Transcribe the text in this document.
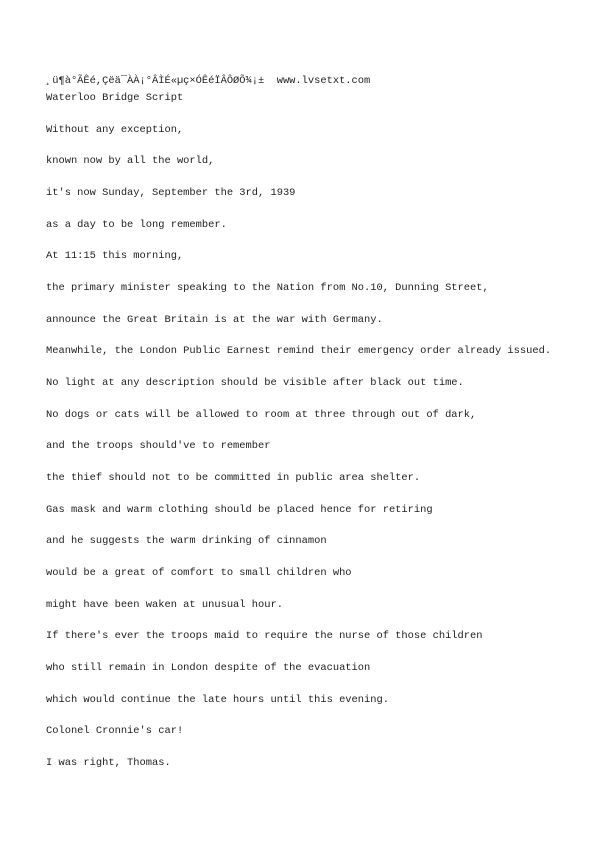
¸ü¶à°ÃÊé,Çëä¯ÀÀ¡°ÂÌÉ«µç×ÓÊéÏÂÔØÕ¾¡±  www.lvsetxt.com
Waterloo Bridge Script
Without any exception,
known now by all the world,
it's now Sunday, September the 3rd, 1939
as a day to be long remember.
At 11:15 this morning,
the primary minister speaking to the Nation from No.10, Dunning Street,
announce the Great Britain is at the war with Germany.
Meanwhile, the London Public Earnest remind their emergency order already issued.
No light at any description should be visible after black out time.
No dogs or cats will be allowed to room at three through out of dark,
and the troops should've to remember
the thief should not to be committed in public area shelter.
Gas mask and warm clothing should be placed hence for retiring
and he suggests the warm drinking of cinnamon
would be a great of comfort to small children who
might have been waken at unusual hour.
If there's ever the troops maid to require the nurse of those children
who still remain in London despite of the evacuation
which would continue the late hours until this evening.
Colonel Cronnie's car!
I was right, Thomas.
